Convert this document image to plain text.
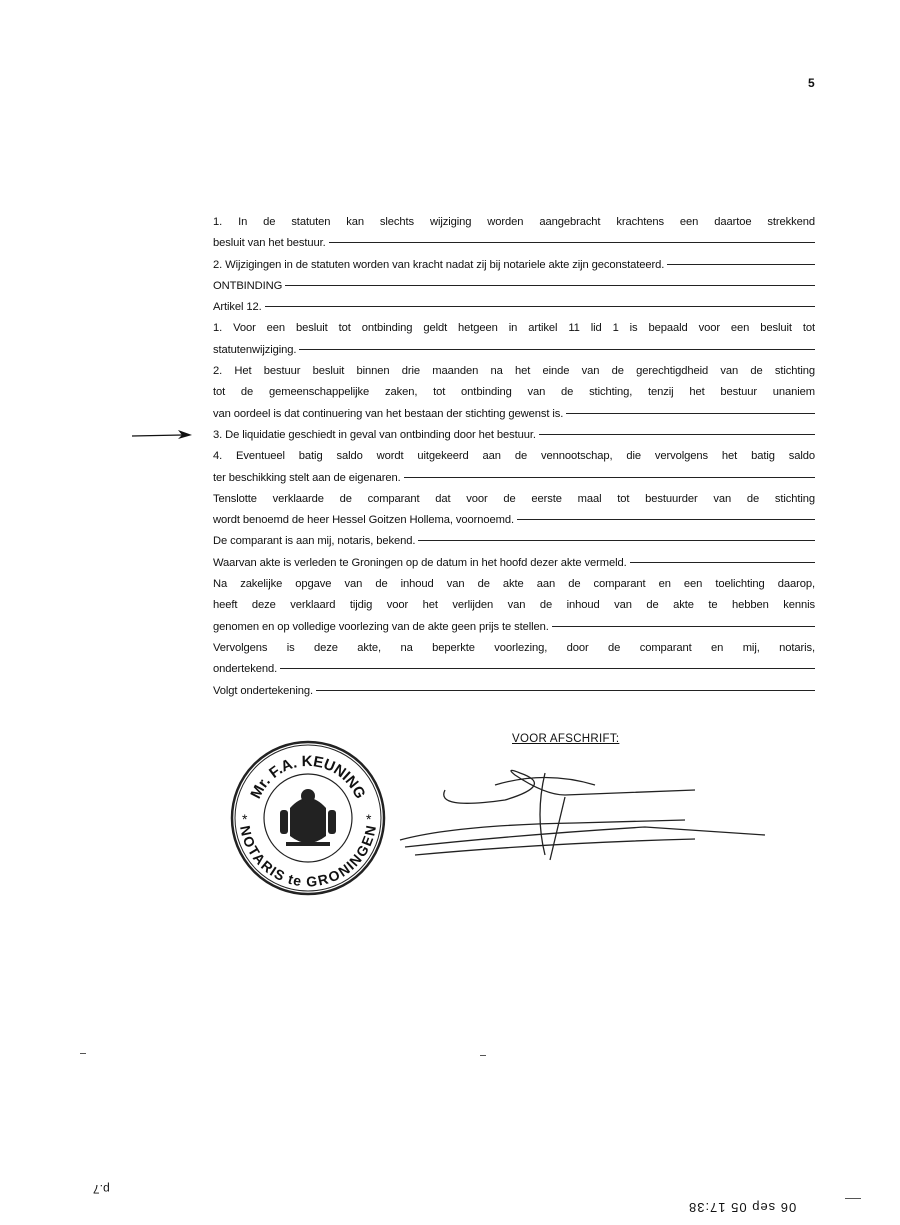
5
1. In de statuten kan slechts wijziging worden aangebracht krachtens een daartoe strekkend
besluit van het bestuur.
2. Wijzigingen in de statuten worden van kracht nadat zij bij notariele akte zijn geconstateerd.
ONTBINDING
Artikel 12.
1. Voor een besluit tot ontbinding geldt hetgeen in artikel 11 lid 1 is bepaald voor een besluit tot
statutenwijziging.
2. Het bestuur besluit binnen drie maanden na het einde van de gerechtigdheid van de stichting
tot de gemeenschappelijke zaken, tot ontbinding van de stichting, tenzij het bestuur unaniem
van oordeel is dat continuering van het bestaan der stichting gewenst is.
3. De liquidatie geschiedt in geval van ontbinding door het bestuur.
4. Eventueel batig saldo wordt uitgekeerd aan de vennootschap, die vervolgens het batig saldo
ter beschikking stelt aan de eigenaren.
Tenslotte verklaarde de comparant dat voor de eerste maal tot bestuurder van de stichting
wordt benoemd de heer Hessel Goitzen Hollema, voornoemd.
De comparant is aan mij, notaris, bekend.
Waarvan akte is verleden te Groningen op de datum in het hoofd dezer akte vermeld.
Na zakelijke opgave van de inhoud van de akte aan de comparant en een toelichting daarop,
heeft deze verklaard tijdig voor het verlijden van de inhoud van de akte te hebben kennis
genomen en op volledige voorlezing van de akte geen prijs te stellen.
Vervolgens is deze akte, na beperkte voorlezing, door de comparant en mij, notaris,
ondertekend.
Volgt ondertekening.
VOOR AFSCHRIFT:
Mr. F.A. KEUNING
NOTARIS te GRONINGEN
*	*
p.7
06 sep 05 17:38
